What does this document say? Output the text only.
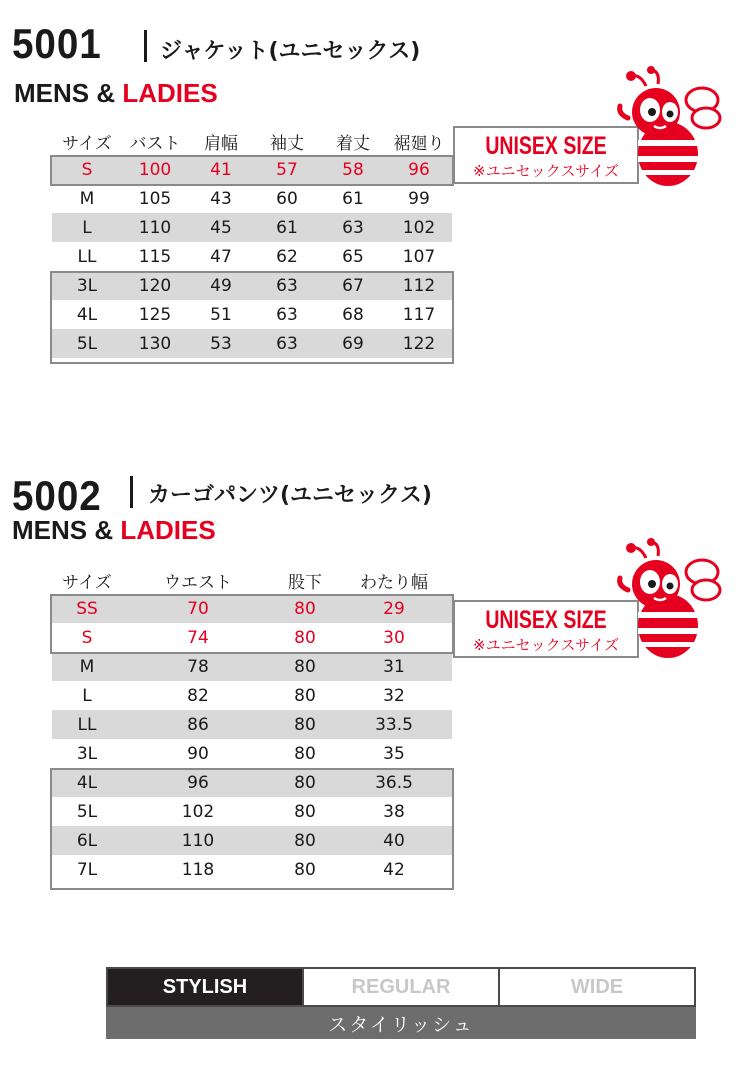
5001	ジャケット(ユニセックス)
MENS & LADIES
サイズ	バスト	肩幅	袖丈	着丈	裾廻り
S	100	41	57	58	96
M	105	43	60	61	99
L	110	45	61	63	102
LL	115	47	62	65	107
3L	120	49	63	67	112
4L	125	51	63	68	117
5L	130	53	63	69	122
UNISEX SIZE
※ユニセックスサイズ
5002 カーゴパンツ(ユニセックス)
MENS & LADIES
サイズ	ウエスト	股下	わたり幅
SS	70	80	29
S	74	80	30
M	78	80	31
L	82	80	32
LL	86	80	33.5
3L	90	80	35
4L	96	80	36.5
5L	102	80	38
6L	110	80	40
7L	118	80	42
UNISEX SIZE
※ユニセックスサイズ
STYLISH	REGULAR	WIDE
スタイリッシュ
